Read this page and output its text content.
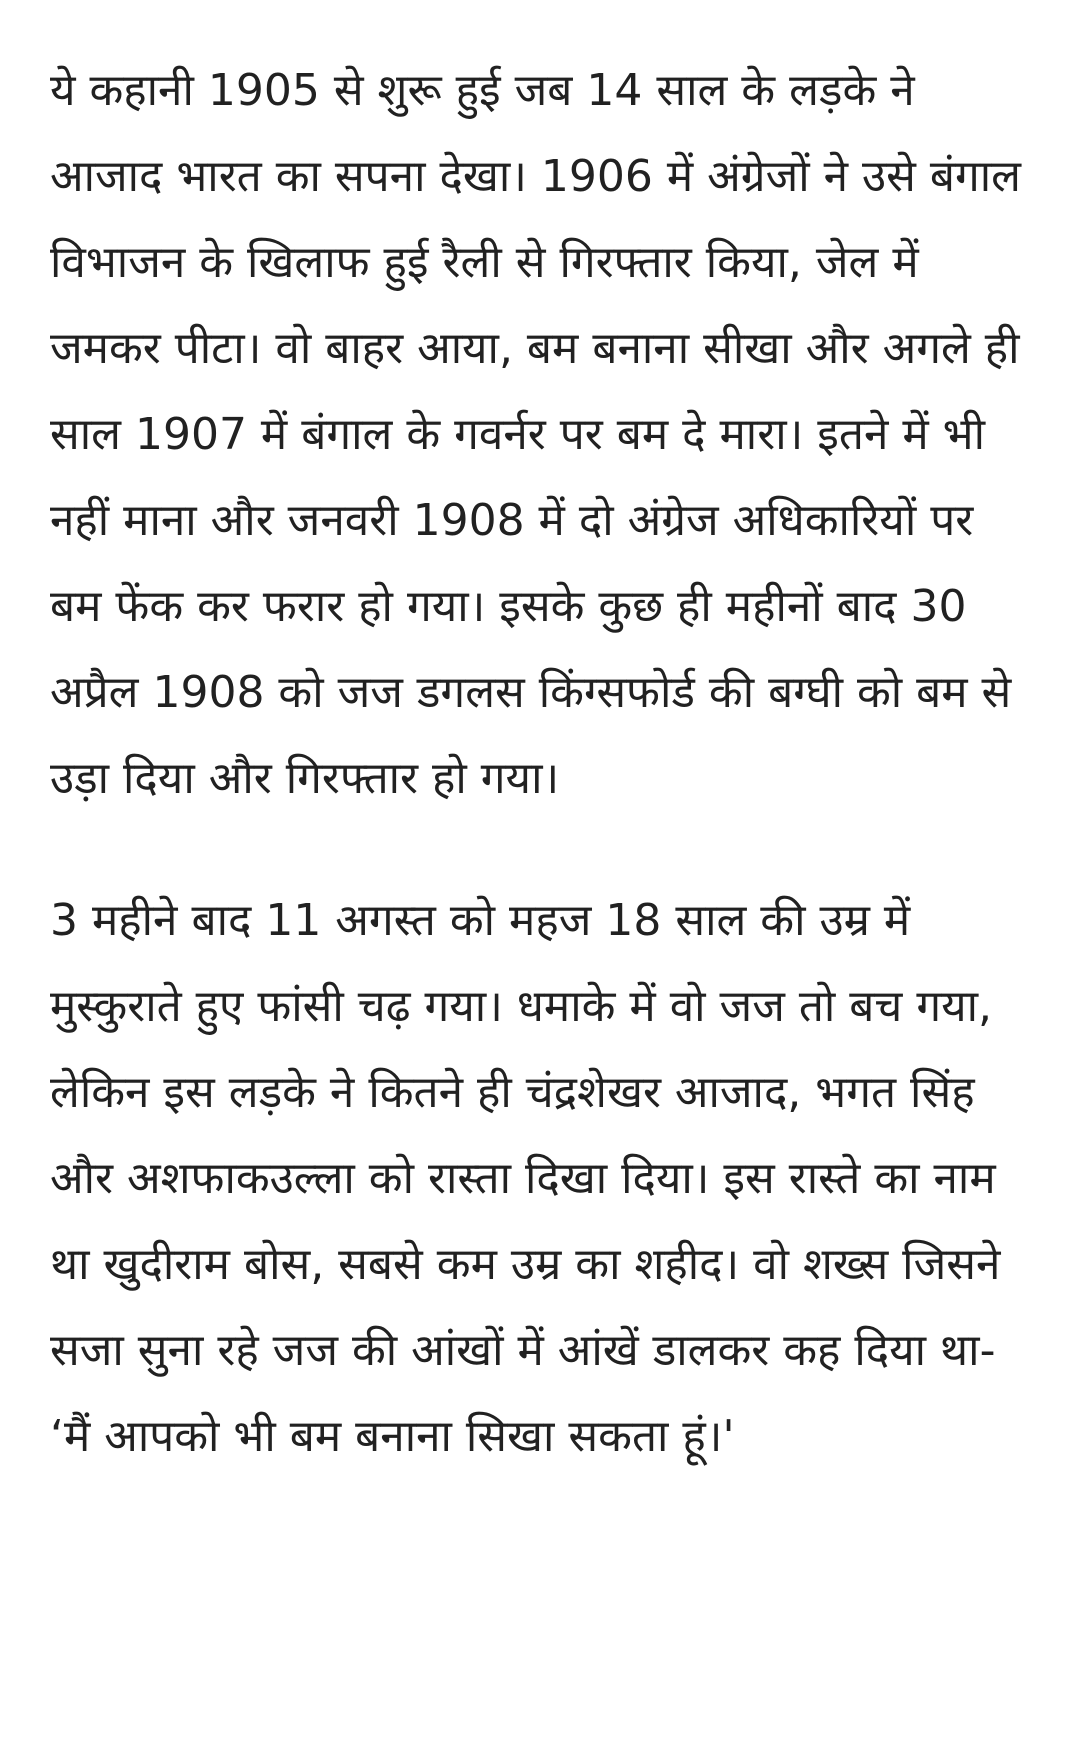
ये कहानी 1905 से शुरू हुई जब 14 साल के लड़के ने आजाद भारत का सपना देखा। 1906 में अंग्रेजों ने उसे बंगाल विभाजन के खिलाफ हुई रैली से गिरफ्तार किया, जेल में जमकर पीटा। वो बाहर आया, बम बनाना सीखा और अगले ही साल 1907 में बंगाल के गवर्नर पर बम दे मारा। इतने में भी नहीं माना और जनवरी 1908 में दो अंग्रेज अधिकारियों पर बम फेंक कर फरार हो गया। इसके कुछ ही महीनों बाद 30 अप्रैल 1908 को जज डगलस किंग्सफोर्ड की बग्घी को बम से उड़ा दिया और गिरफ्तार हो गया।

3 महीने बाद 11 अगस्त को महज 18 साल की उम्र में मुस्कुराते हुए फांसी चढ़ गया। धमाके में वो जज तो बच गया, लेकिन इस लड़के ने कितने ही चंद्रशेखर आजाद, भगत सिंह और अशफाकउल्ला को रास्ता दिखा दिया। इस रास्ते का नाम था खुदीराम बोस, सबसे कम उम्र का शहीद। वो शख्स जिसने सजा सुना रहे जज की आंखों में आंखें डालकर कह दिया था- ‘मैं आपको भी बम बनाना सिखा सकता हूं।'
